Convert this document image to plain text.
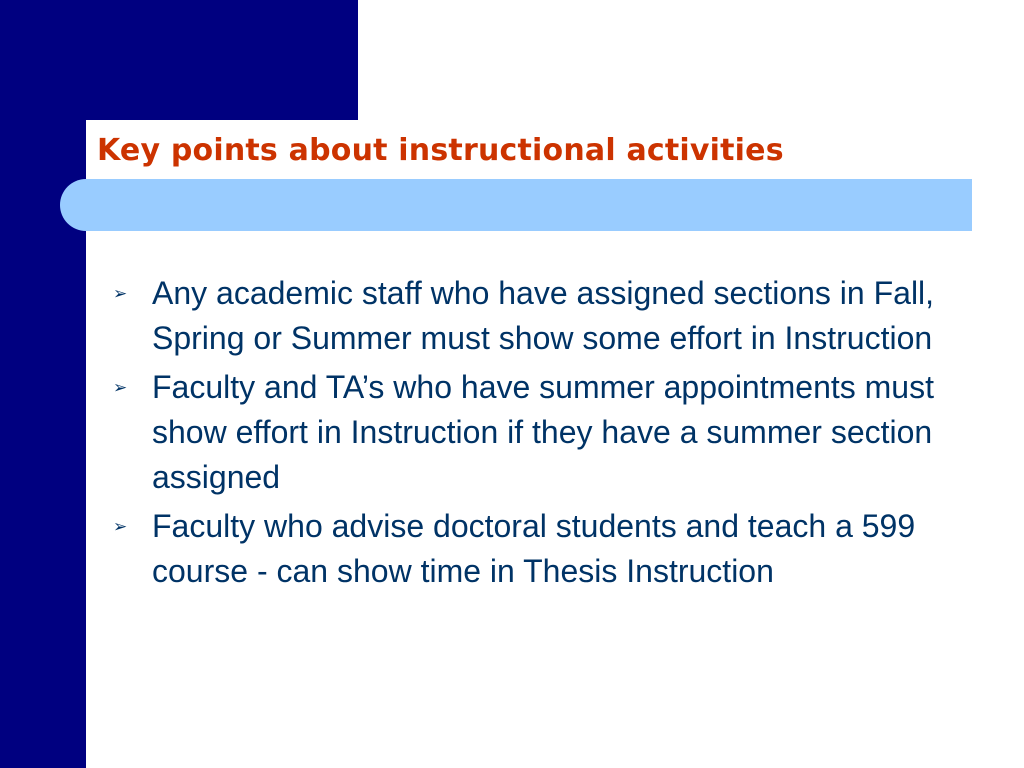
Key points about instructional activities
➢ Any academic staff who have assigned sections in Fall, Spring or Summer must show some effort in Instruction
➢ Faculty and TA’s who have summer appointments must show effort in Instruction if they have a summer section assigned
➢ Faculty who advise doctoral students and teach a 599 course - can show time in Thesis Instruction
